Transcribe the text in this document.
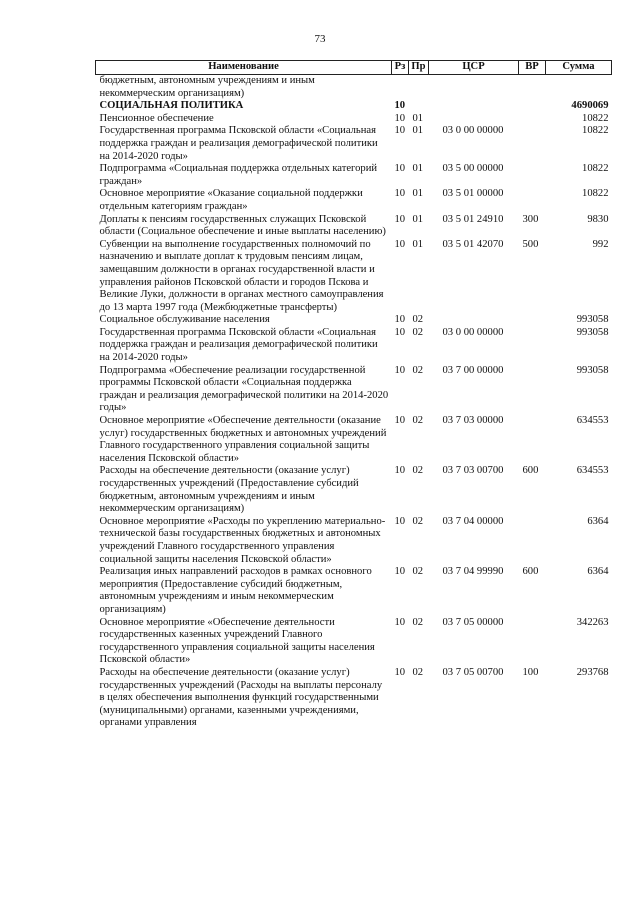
73
Наименование	Рз	Пр	ЦСР	ВР	Сумма
бюджетным, автономным учреждениям и иным некоммерческим организациям)					
СОЦИАЛЬНАЯ ПОЛИТИКА	10				4690069
Пенсионное обеспечение	10	01			10822
Государственная программа Псковской области «Социальная поддержка граждан и реализация демографической политики на 2014-2020 годы»	10	01	03 0 00 00000		10822
Подпрограмма «Социальная поддержка отдельных категорий граждан»	10	01	03 5 00 00000		10822
Основное мероприятие «Оказание социальной поддержки отдельным категориям граждан»	10	01	03 5 01 00000		10822
Доплаты к пенсиям государственных служащих Псковской области (Социальное обеспечение и иные выплаты населению)	10	01	03 5 01 24910	300	9830
Субвенции на выполнение государственных полномочий по назначению и выплате доплат к трудовым пенсиям лицам, замещавшим должности в органах государственной власти и управления районов Псковской области и городов Пскова и Великие Луки, должности в органах местного самоуправления до 13 марта 1997 года (Межбюджетные трансферты)	10	01	03 5 01 42070	500	992
Социальное обслуживание населения	10	02			993058
Государственная программа Псковской области «Социальная поддержка граждан и реализация демографической политики на 2014-2020 годы»	10	02	03 0 00 00000		993058
Подпрограмма «Обеспечение реализации государственной программы Псковской области «Социальная поддержка граждан и реализация демографической политики на 2014-2020 годы»	10	02	03 7 00 00000		993058
Основное мероприятие «Обеспечение деятельности (оказание услуг) государственных бюджетных и автономных учреждений Главного государственного управления социальной защиты населения Псковской области»	10	02	03 7 03 00000		634553
Расходы на обеспечение деятельности (оказание услуг) государственных учреждений (Предоставление субсидий бюджетным, автономным учреждениям и иным некоммерческим организациям)	10	02	03 7 03 00700	600	634553
Основное мероприятие «Расходы по укреплению материально-технической базы государственных бюджетных и автономных учреждений Главного государственного управления социальной защиты населения Псковской области»	10	02	03 7 04 00000		6364
Реализация иных направлений расходов в рамках основного мероприятия (Предоставление субсидий бюджетным, автономным учреждениям и иным некоммерческим организациям)	10	02	03 7 04 99990	600	6364
Основное мероприятие «Обеспечение деятельности государственных казенных учреждений Главного государственного управления социальной защиты населения Псковской области»	10	02	03 7 05 00000		342263
Расходы на обеспечение деятельности (оказание услуг) государственных учреждений (Расходы на выплаты персоналу в целях обеспечения выполнения функций государственными (муниципальными) органами, казенными учреждениями, органами управления	10	02	03 7 05 00700	100	293768
